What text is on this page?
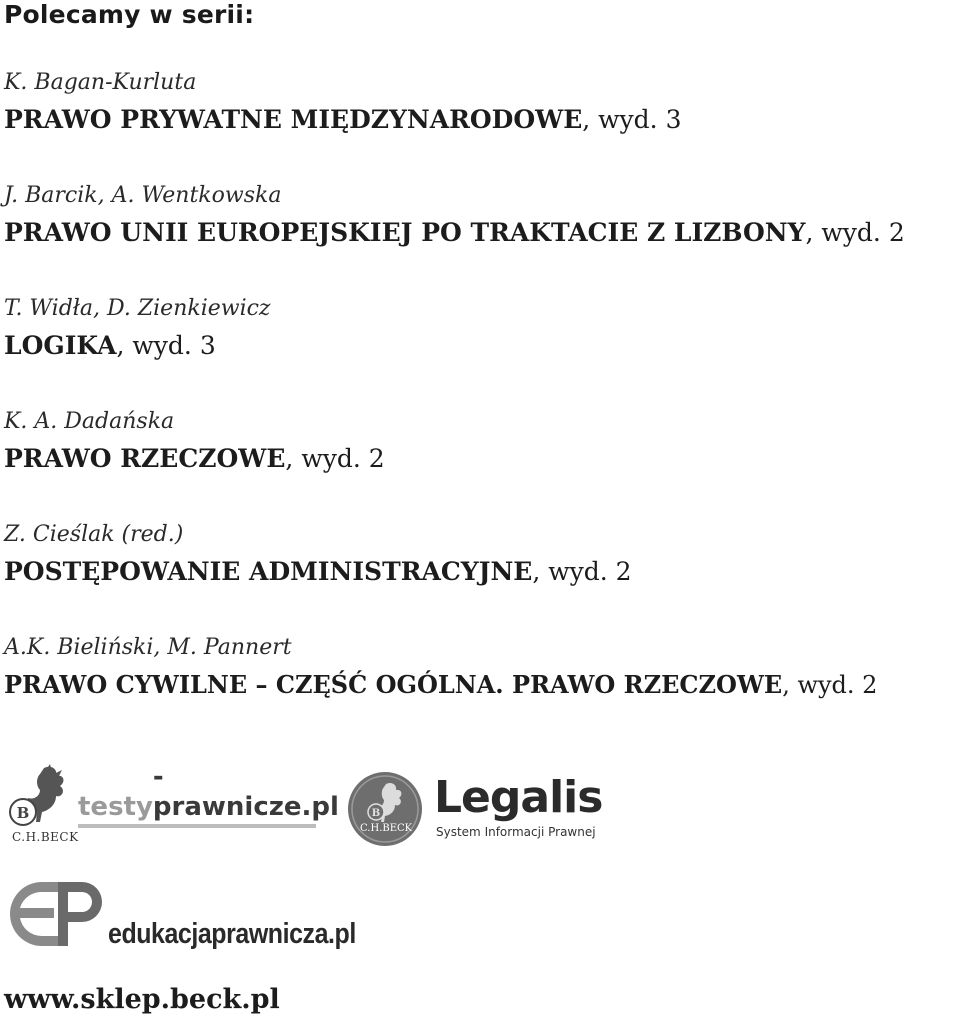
Polecamy w serii:
K. Bagan-Kurluta
PRAWO PRYWATNE MIĘDZYNARODOWE, wyd. 3
J. Barcik, A. Wentkowska
PRAWO UNII EUROPEJSKIEJ PO TRAKTACIE Z LIZBONY, wyd. 2
T. Widła, D. Zienkiewicz
LOGIKA, wyd. 3
K. A. Dadańska
PRAWO RZECZOWE, wyd. 2
Z. Cieślak (red.)
POSTĘPOWANIE ADMINISTRACYJNE, wyd. 2
A.K. Bieliński, M. Pannert
PRAWO CYWILNE – CZĘŚĆ OGÓLNA. PRAWO RZECZOWE, wyd. 2
B
C.H.BECK
testy
-prawnicze.pl	B
C.H.BECK
Legalis
System Informacji Prawnej
edukacjaprawnicza.pl
www.sklep.beck.pl
